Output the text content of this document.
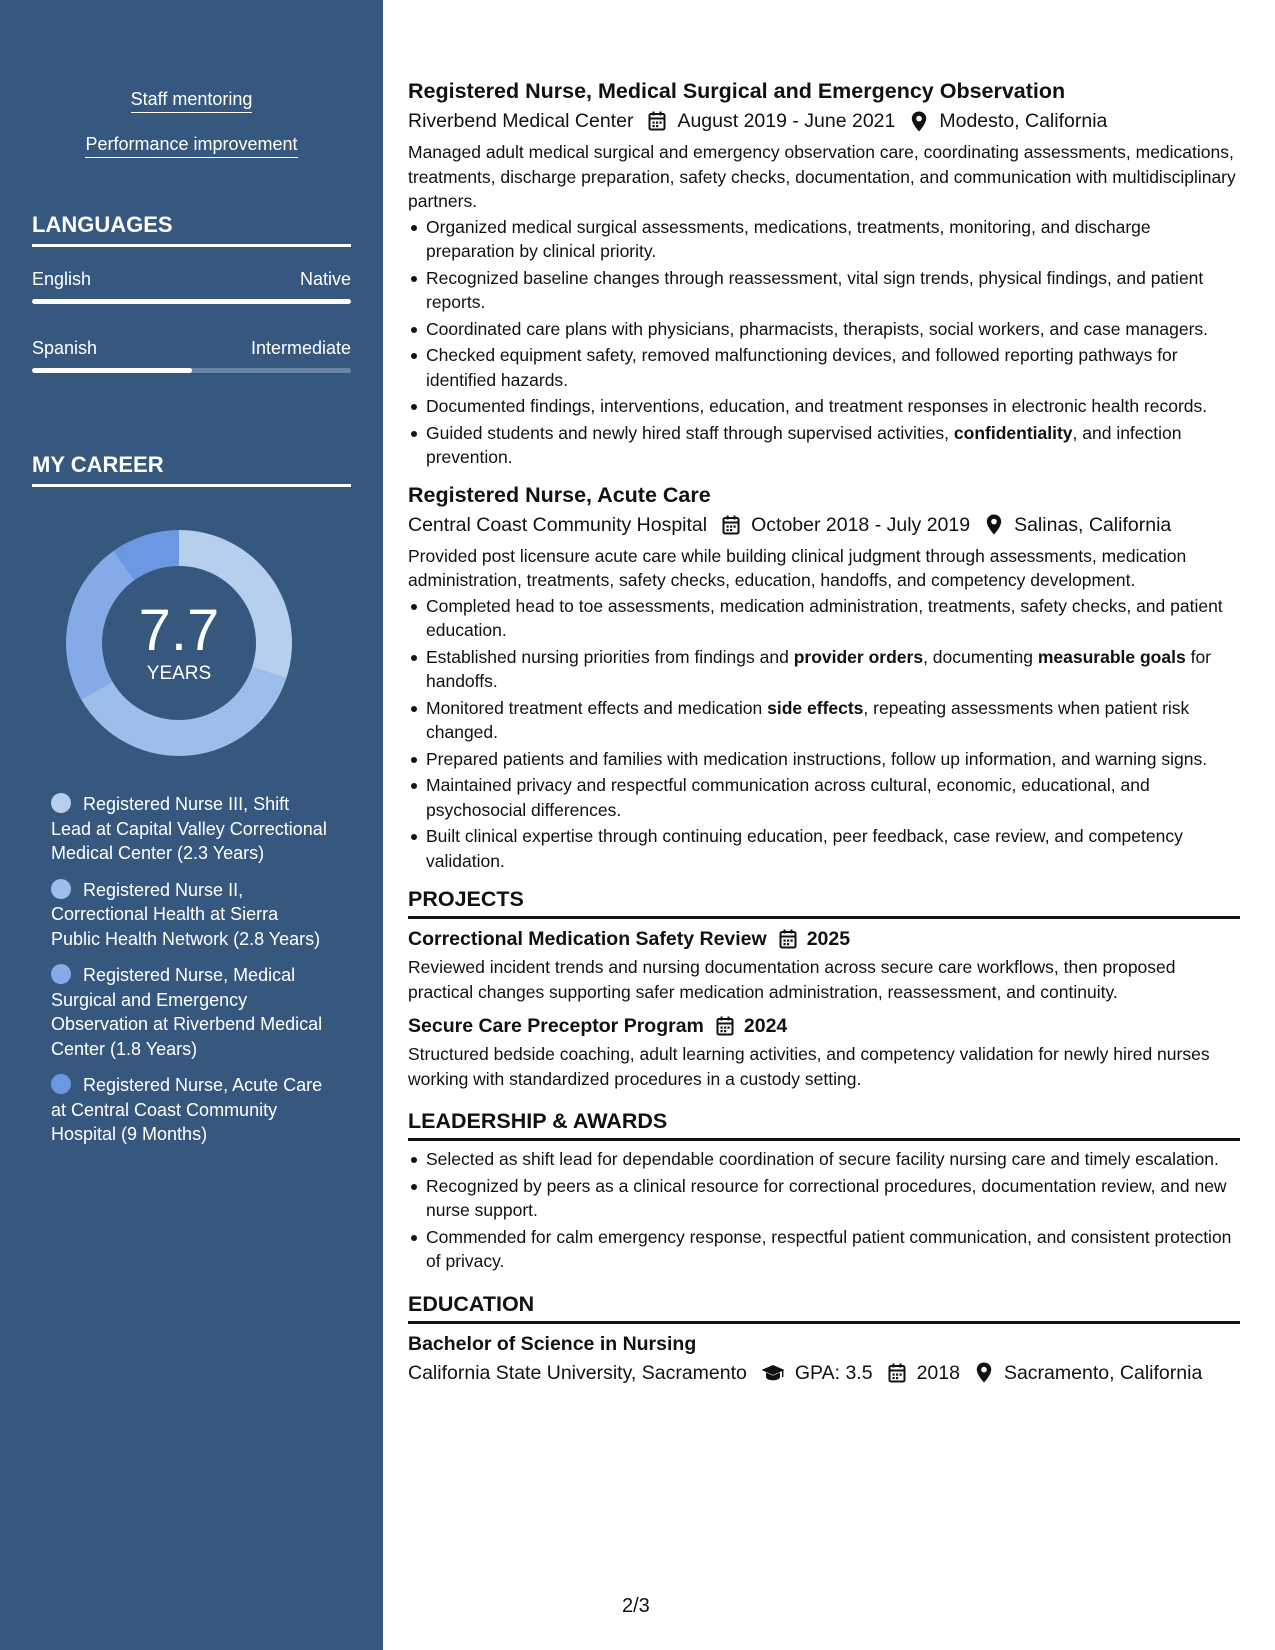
Staff mentoring
Performance improvement
LANGUAGES
English	Native
Spanish	Intermediate
MY CAREER
7.7
YEARS
Registered Nurse III, Shift Lead at Capital Valley Correctional Medical Center (2.3 Years)
Registered Nurse II, Correctional Health at Sierra Public Health Network (2.8 Years)
Registered Nurse, Medical Surgical and Emergency Observation at Riverbend Medical Center (1.8 Years)
Registered Nurse, Acute Care at Central Coast Community Hospital (9 Months)
Registered Nurse, Medical Surgical and Emergency Observation
Riverbend Medical Center August 2019 - June 2021 Modesto, California
Managed adult medical surgical and emergency observation care, coordinating assessments, medications, treatments, discharge preparation, safety checks, documentation, and communication with multidisciplinary partners.
Organized medical surgical assessments, medications, treatments, monitoring, and discharge preparation by clinical priority.
Recognized baseline changes through reassessment, vital sign trends, physical findings, and patient reports.
Coordinated care plans with physicians, pharmacists, therapists, social workers, and case managers.
Checked equipment safety, removed malfunctioning devices, and followed reporting pathways for identified hazards.
Documented findings, interventions, education, and treatment responses in electronic health records.
Guided students and newly hired staff through supervised activities, confidentiality, and infection prevention.
Registered Nurse, Acute Care
Central Coast Community Hospital October 2018 - July 2019 Salinas, California
Provided post licensure acute care while building clinical judgment through assessments, medication administration, treatments, safety checks, education, handoffs, and competency development.
Completed head to toe assessments, medication administration, treatments, safety checks, and patient education.
Established nursing priorities from findings and provider orders, documenting measurable goals for handoffs.
Monitored treatment effects and medication side effects, repeating assessments when patient risk changed.
Prepared patients and families with medication instructions, follow up information, and warning signs.
Maintained privacy and respectful communication across cultural, economic, educational, and psychosocial differences.
Built clinical expertise through continuing education, peer feedback, case review, and competency validation.
PROJECTS
Correctional Medication Safety Review 2025
Reviewed incident trends and nursing documentation across secure care workflows, then proposed practical changes supporting safer medication administration, reassessment, and continuity.
Secure Care Preceptor Program 2024
Structured bedside coaching, adult learning activities, and competency validation for newly hired nurses working with standardized procedures in a custody setting.
LEADERSHIP & AWARDS
Selected as shift lead for dependable coordination of secure facility nursing care and timely escalation.
Recognized by peers as a clinical resource for correctional procedures, documentation review, and new nurse support.
Commended for calm emergency response, respectful patient communication, and consistent protection of privacy.
EDUCATION
Bachelor of Science in Nursing
California State University, Sacramento GPA: 3.5 2018 Sacramento, California
2/3
